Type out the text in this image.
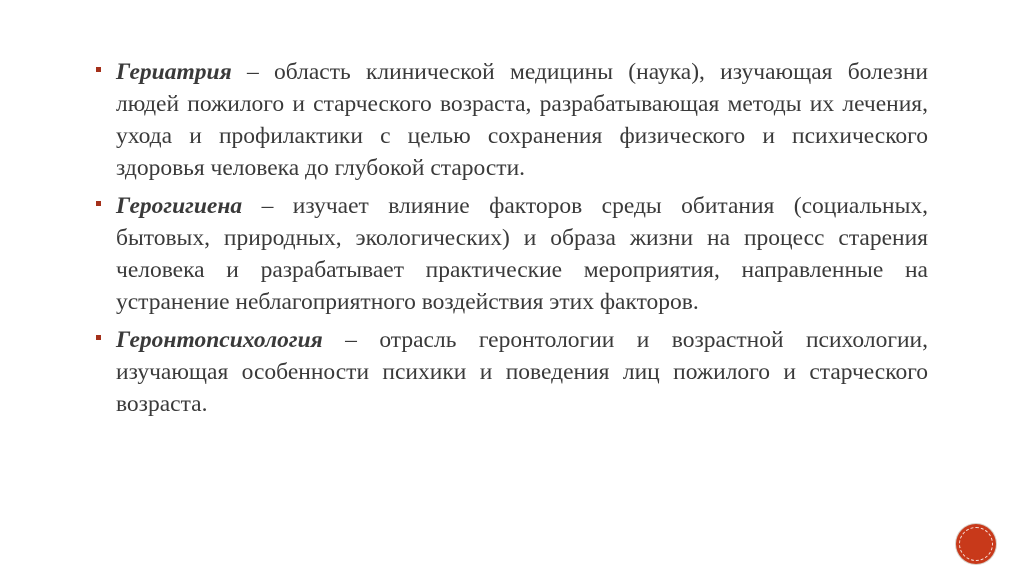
Гериатрия – область клинической медицины (наука), изучающая болезни людей пожилого и старческого возраста, разрабатывающая методы их лечения, ухода и профилактики с целью сохранения физического и психического здоровья человека до глубокой старости.
Герогигиена – изучает влияние факторов среды обитания (социальных, бытовых, природных, экологических) и образа жизни на процесс старения человека и разрабатывает практические мероприятия, направленные на устранение неблагоприятного воздействия этих факторов.
Геронтопсихология – отрасль геронтологии и возрастной психологии, изучающая особенности психики и поведения лиц пожилого и старческого возраста.
